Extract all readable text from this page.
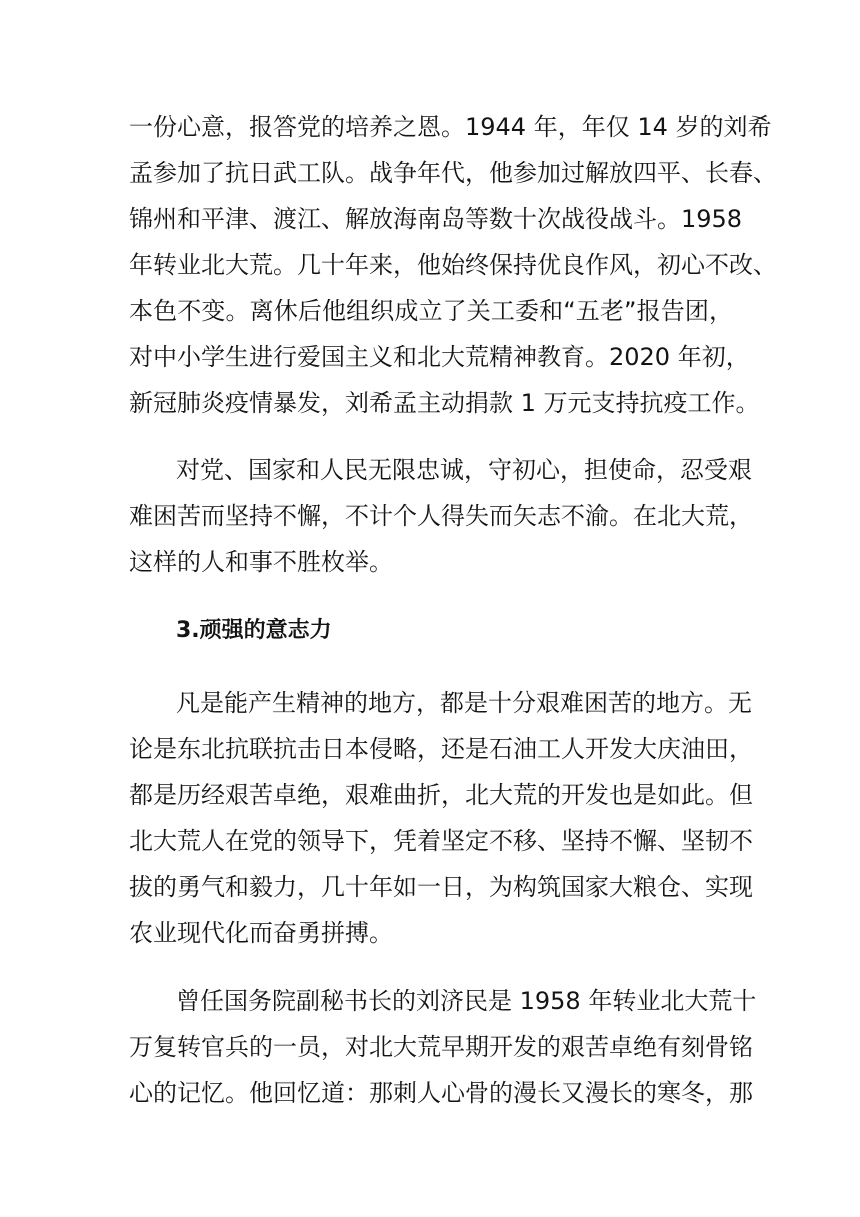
一份心意，报答党的培养之恩。1944 年，年仅 14 岁的刘希
孟参加了抗日武工队。战争年代，他参加过解放四平、长春、
锦州和平津、渡江、解放海南岛等数十次战役战斗。1958
年转业北大荒。几十年来，他始终保持优良作风，初心不改、
本色不变。离休后他组织成立了关工委和“五老”报告团，
对中小学生进行爱国主义和北大荒精神教育。2020 年初，
新冠肺炎疫情暴发，刘希孟主动捐款 1 万元支持抗疫工作。
对党、国家和人民无限忠诚，守初心，担使命，忍受艰
难困苦而坚持不懈，不计个人得失而矢志不渝。在北大荒，
这样的人和事不胜枚举。
3.顽强的意志力
凡是能产生精神的地方，都是十分艰难困苦的地方。无
论是东北抗联抗击日本侵略，还是石油工人开发大庆油田，
都是历经艰苦卓绝，艰难曲折，北大荒的开发也是如此。但
北大荒人在党的领导下，凭着坚定不移、坚持不懈、坚韧不
拔的勇气和毅力，几十年如一日，为构筑国家大粮仓、实现
农业现代化而奋勇拼搏。
曾任国务院副秘书长的刘济民是 1958 年转业北大荒十
万复转官兵的一员，对北大荒早期开发的艰苦卓绝有刻骨铭
心的记忆。他回忆道：那刺人心骨的漫长又漫长的寒冬，那
